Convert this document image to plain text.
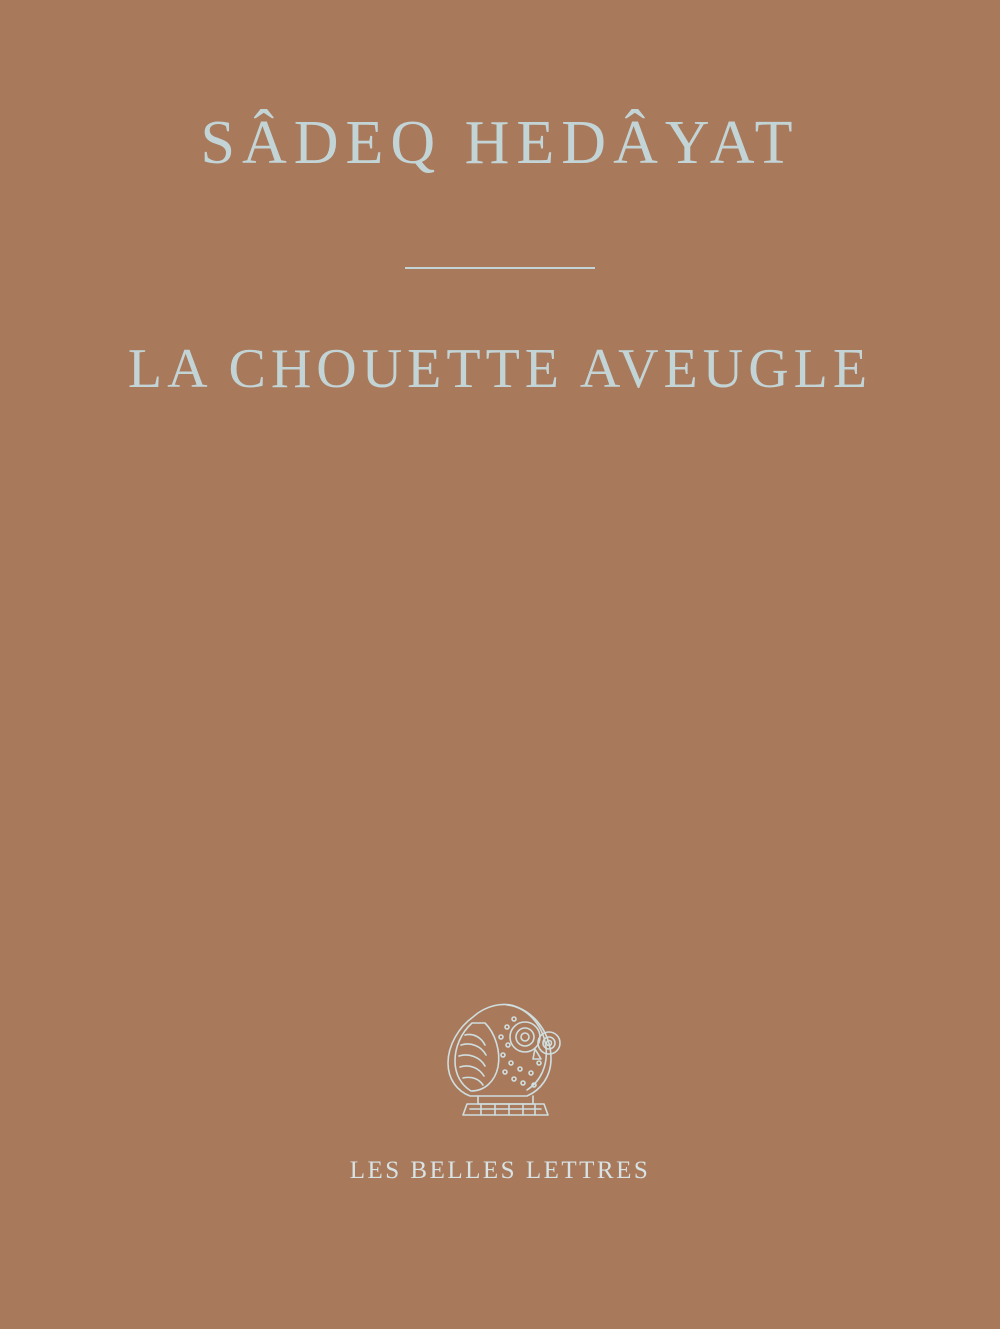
SÂDEQ HEDÂYAT
LA CHOUETTE AVEUGLE
LES BELLES LETTRES
